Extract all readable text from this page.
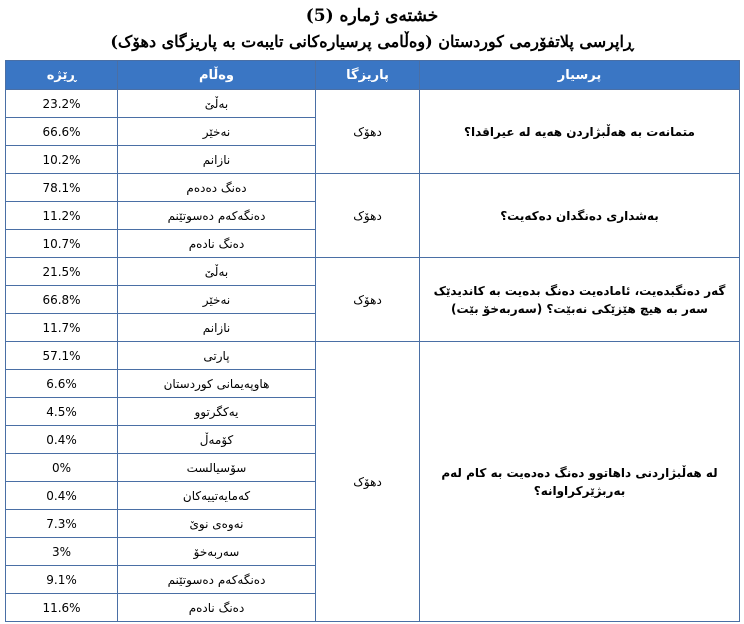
خشتەی ژمارە (5)
ڕاپرسی پلاتفۆرمی کوردستان (وەڵامی پرسیارەکانی تایبەت بە پاریزگای دهۆک)
ڕێژە	وەڵام	پاریزگا	پرسیار
23.2%	بەڵێ	دهۆک	متمانەت بە هەڵبژاردن هەیە لە عیراقدا؟
66.6%	نەخێر		
10.2%	نازانم		
78.1%	دەنگ دەدەم	دهۆک	بەشداری دەنگدان دەکەیت؟
11.2%	دەنگەکەم دەسوتێنم		
10.7%	دەنگ نادەم		
21.5%	بەڵێ	دهۆک	گەر دەنگبدەیت، ئامادەیت دەنگ بدەیت بە کاندیدێک سەر بە هیچ هێزێکی نەبێت؟ (سەربەخۆ بێت)
66.8%	نەخێر		
11.7%	نازانم		
57.1%	پارتی	دهۆک	لە هەڵبژاردنی داهاتوو دەنگ دەدەیت بە کام لەم بەربژێرکراوانە؟
6.6%	هاوپەیمانی کوردستان		
4.5%	یەکگرتوو		
0.4%	کۆمەڵ		
0%	سۆسیالست		
0.4%	کەمایەتییەکان		
7.3%	نەوەی نوێ		
3%	سەربەخۆ		
9.1%	دەنگەکەم دەسوتێنم		
11.6%	دەنگ نادەم		
